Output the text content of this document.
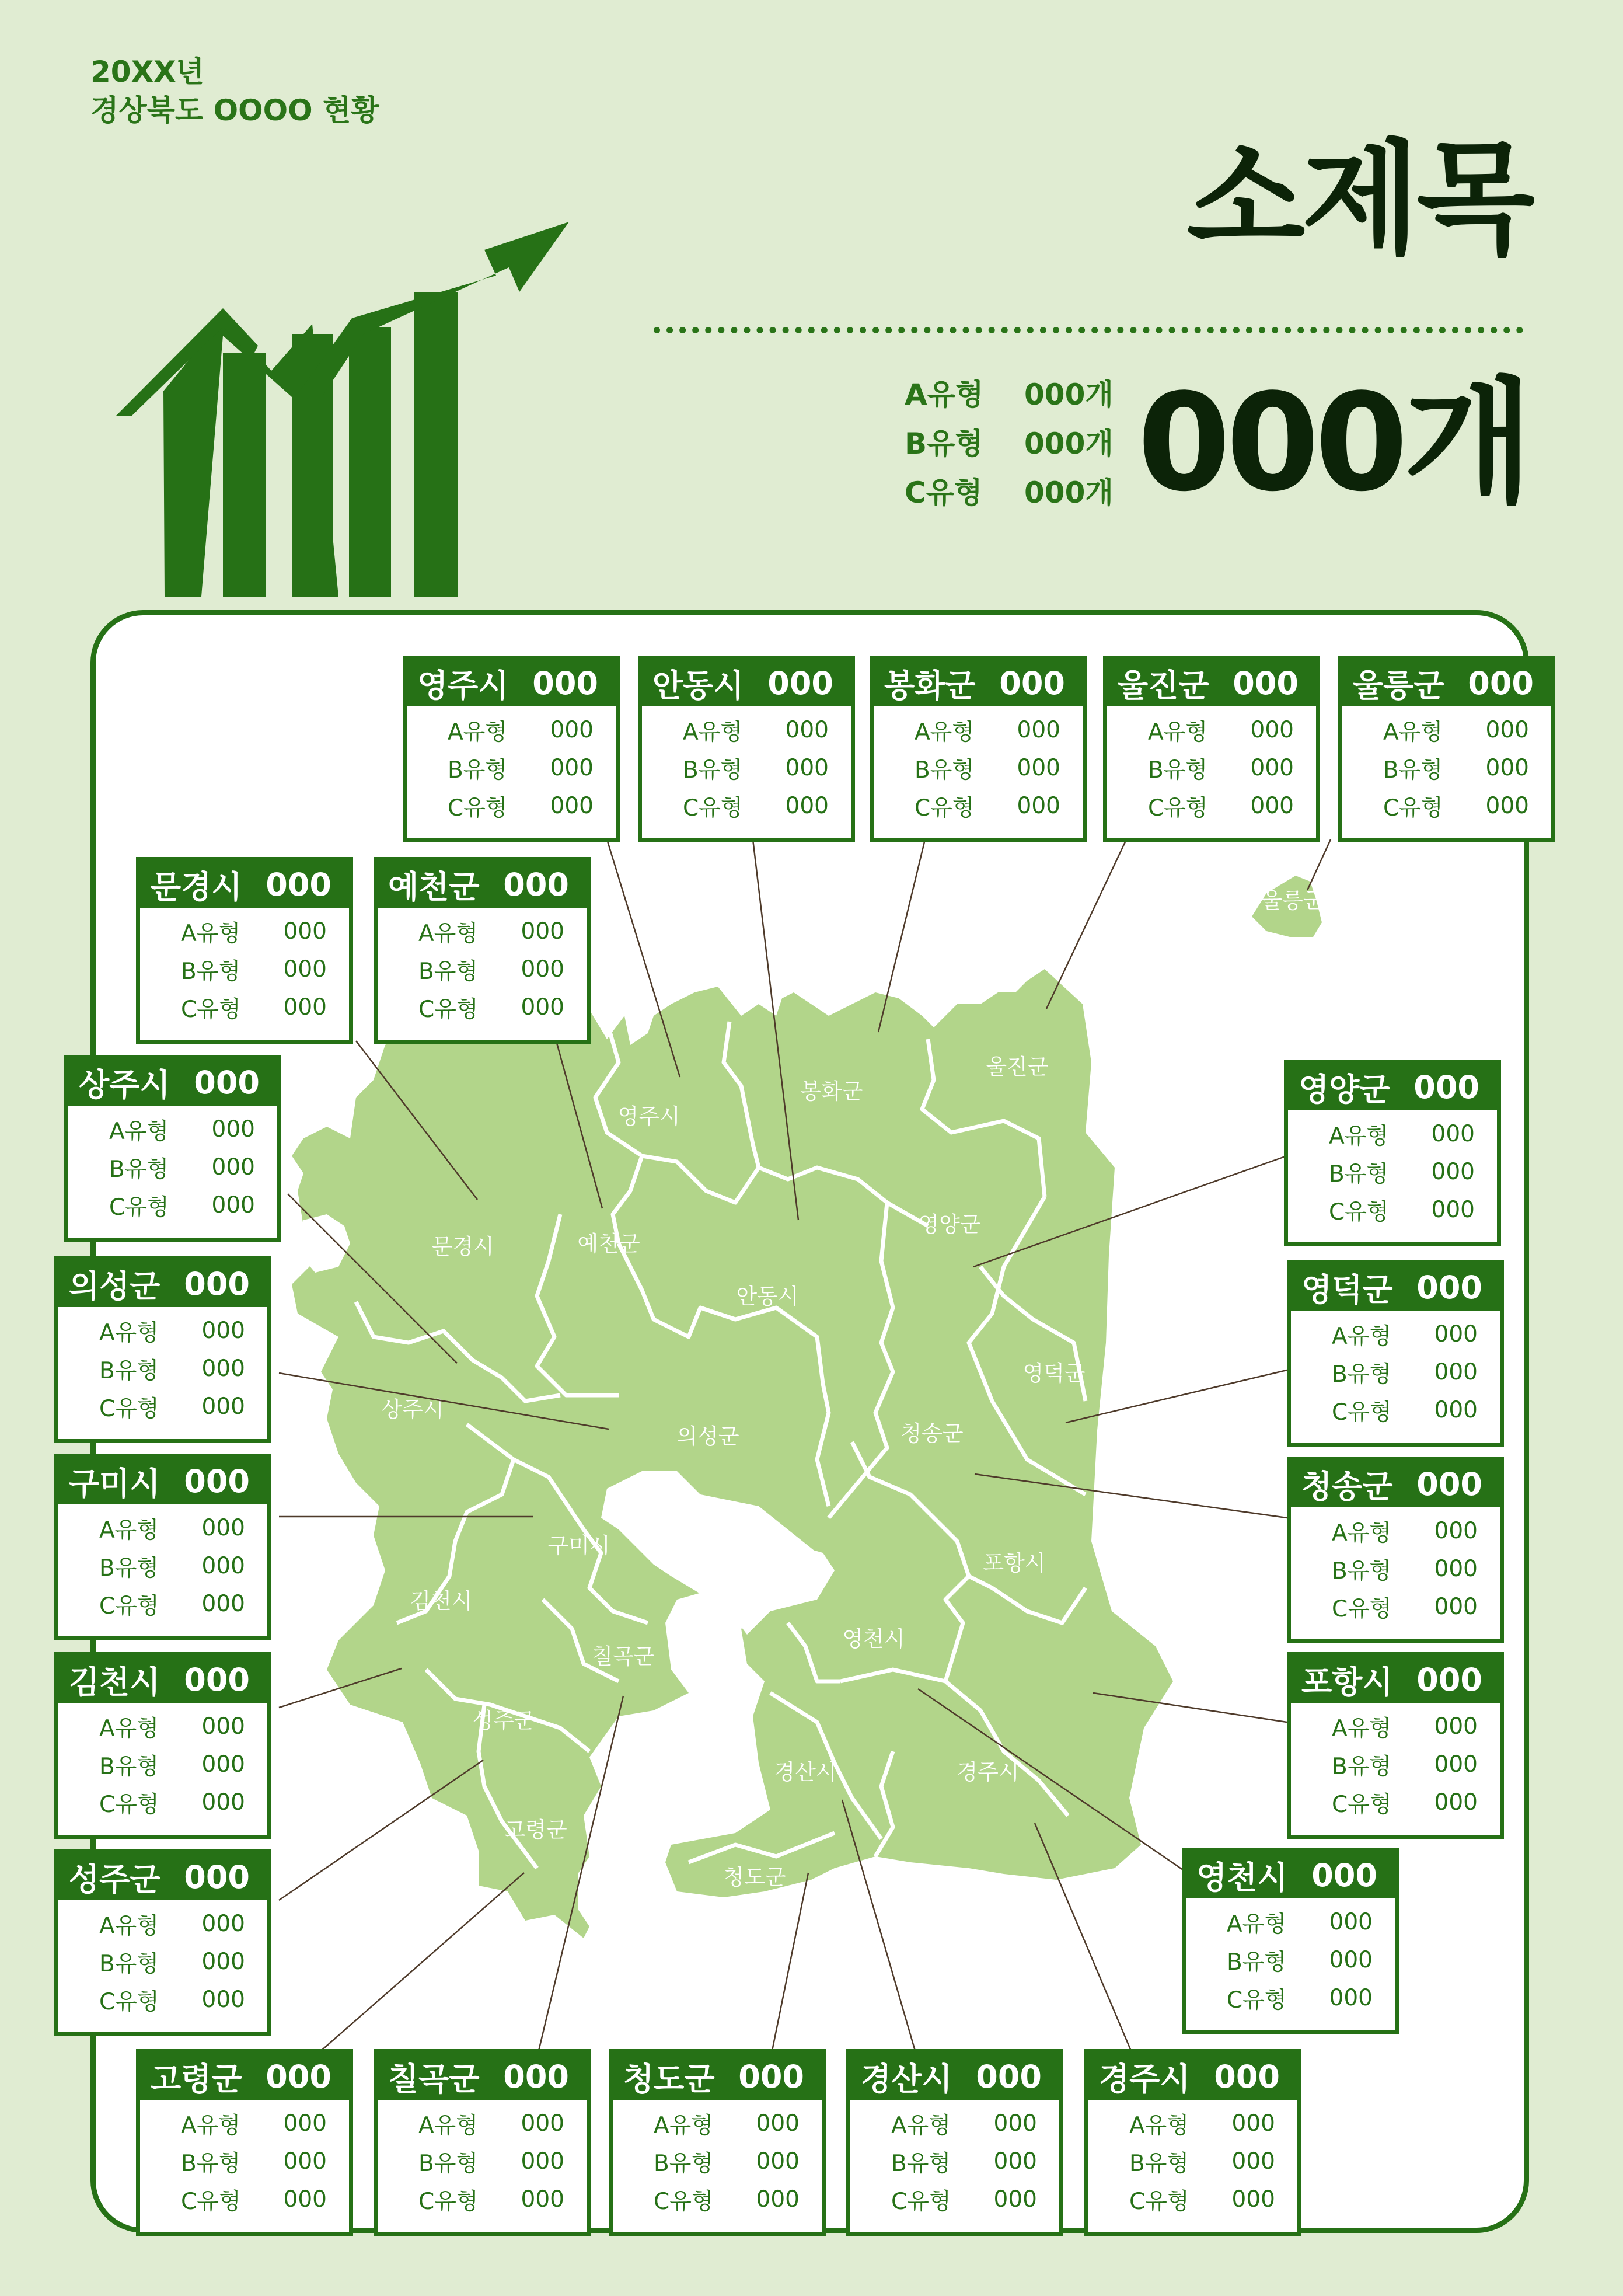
20XX년
경상북도 OOOO 현황
소제목
A유형	000개
B유형	000개
C유형	000개 000개
영주시
봉화군
울진군
울릉군
문경시	예천군
안동시
영양군
영덕군
상주시
의성군	청송군
구미시
포항시
김천시
칠곡군
영천시
성주군
경산시	경주시
고령군
청도군
영주시 000
A유형 000
B유형 000
C유형 000
안동시 000
A유형 000
B유형 000
C유형 000
봉화군 000
A유형 000
B유형 000
C유형 000
울진군 000
A유형 000
B유형 000
C유형 000
울릉군 000
A유형 000
B유형 000
C유형 000
문경시 000
A유형 000
B유형 000
C유형 000
예천군 000
A유형 000
B유형 000
C유형 000
상주시 000
A유형 000
B유형 000
C유형 000
의성군 000
A유형 000
B유형 000
C유형 000
구미시 000
A유형 000
B유형 000
C유형 000
김천시 000
A유형 000
B유형 000
C유형 000
성주군 000
A유형 000
B유형 000
C유형 000
영양군 000
A유형 000
B유형 000
C유형 000
영덕군 000
A유형 000
B유형 000
C유형 000
청송군 000
A유형 000
B유형 000
C유형 000
포항시 000
A유형 000
B유형 000
C유형 000
영천시 000
A유형 000
B유형 000
C유형 000
고령군 000
A유형 000
B유형 000
C유형 000
칠곡군 000
A유형 000
B유형 000
C유형 000
청도군 000
A유형 000
B유형 000
C유형 000
경산시 000
A유형 000
B유형 000
C유형 000
경주시 000
A유형 000
B유형 000
C유형 000
